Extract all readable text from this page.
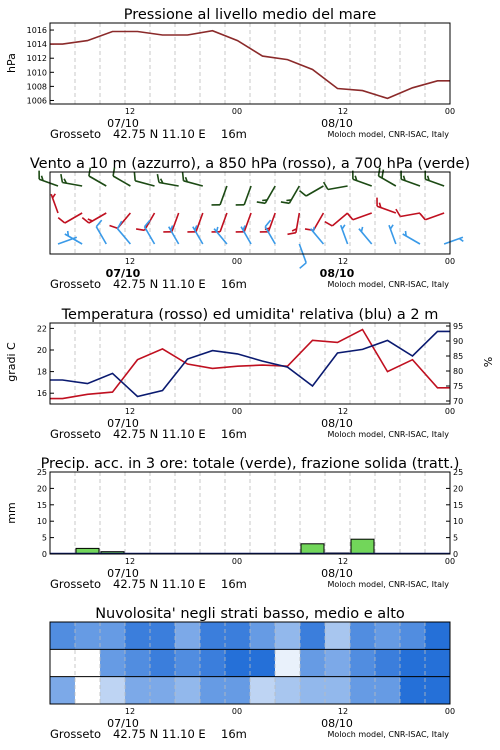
Pressione al livello medio del mare
1006
1008
1010
1012
1014
1016
hPa
12	00	12	00
07/10	08/10
Grosseto 42.75 N 11.10 E 16m	Moloch model, CNR-ISAC, Italy
Vento a 10 m (azzurro), a 850 hPa (rosso), a 700 hPa (verde)
12	00	12	00
07/10	08/10
Grosseto 42.75 N 11.10 E 16m	Moloch model, CNR-ISAC, Italy
Temperatura (rosso) ed umidita' relativa (blu) a 2 m
16
18
20
22
70
75
80
85
90
95
gradi C	%
12	00	12	00
07/10	08/10
Grosseto 42.75 N 11.10 E 16m	Moloch model, CNR-ISAC, Italy
Precip. acc. in 3 ore: totale (verde), frazione solida (tratt.)
0
5
10
15
20
25
0
5
10
15
20
25
mm
12	00	12	00
07/10	08/10
Grosseto 42.75 N 11.10 E 16m	Moloch model, CNR-ISAC, Italy
Nuvolosita' negli strati basso, medio e alto
12	00	12	00
07/10	08/10
Grosseto 42.75 N 11.10 E 16m	Moloch model, CNR-ISAC, Italy
